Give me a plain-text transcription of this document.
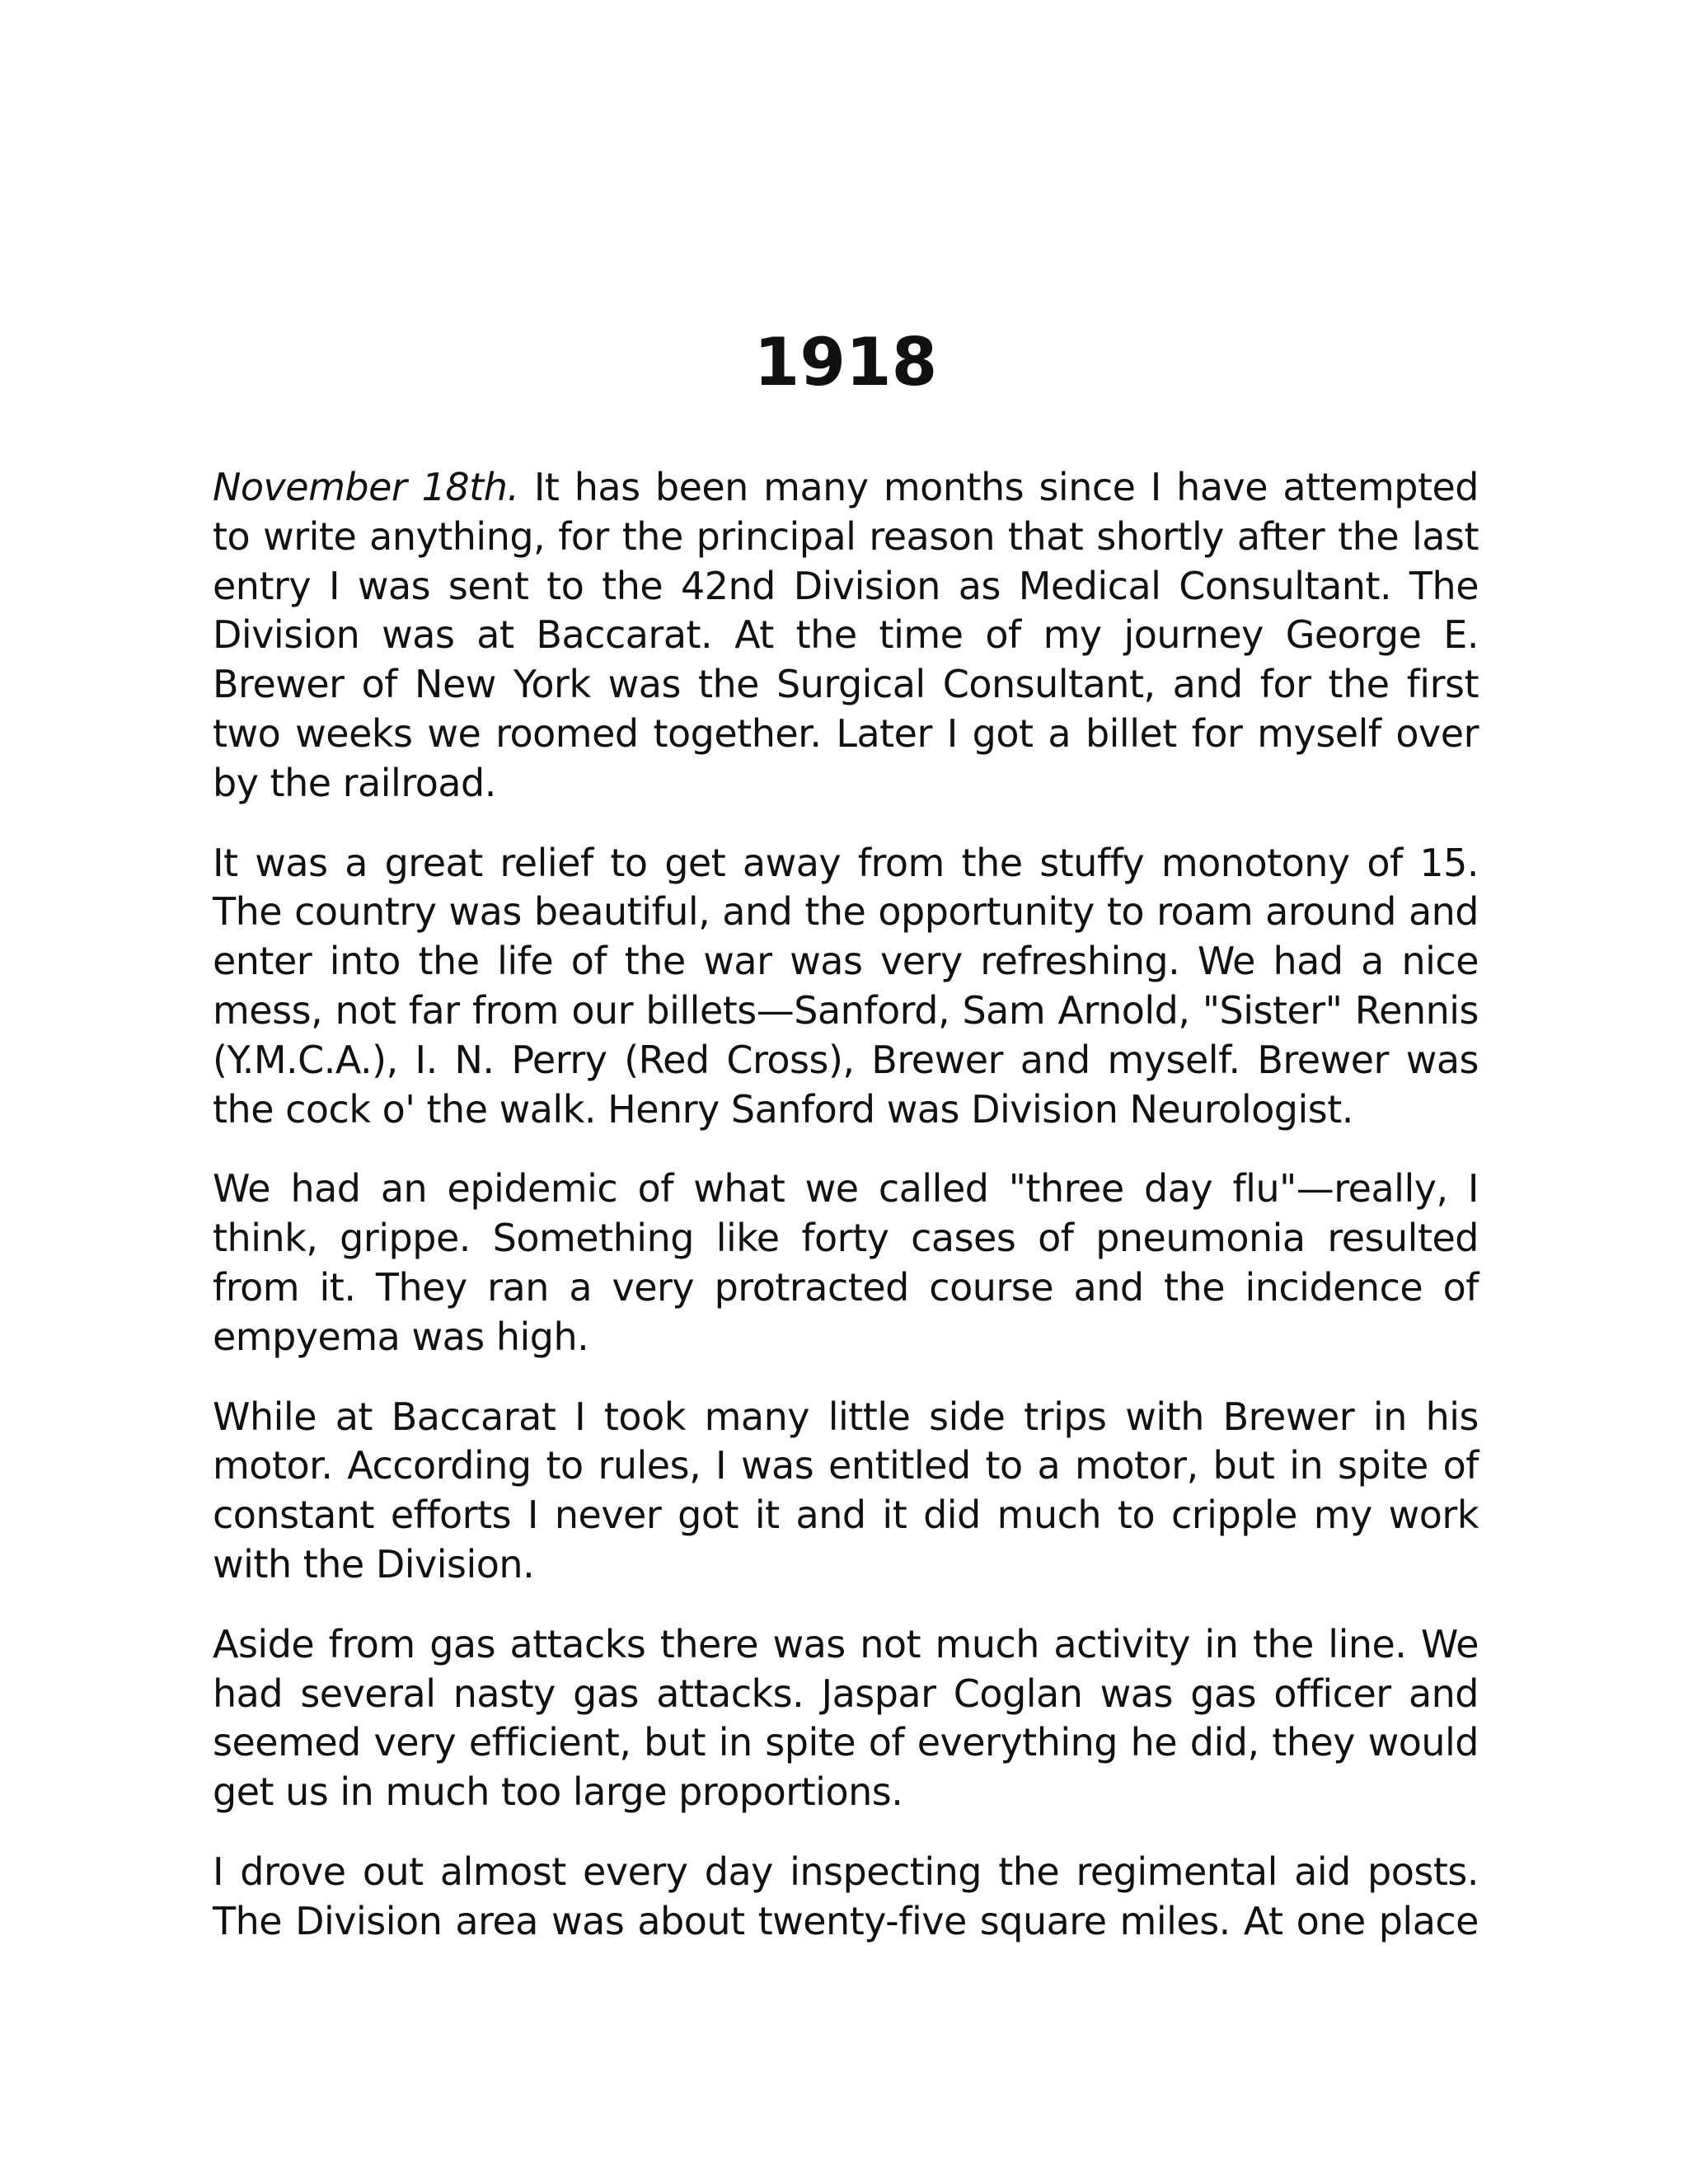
1918

November 18th. It has been many months since I have attempted to write anything, for the principal reason that shortly after the last entry I was sent to the 42nd Division as Medical Consultant. The Division was at Baccarat. At the time of my journey George E. Brewer of New York was the Surgical Consultant, and for the first two weeks we roomed together. Later I got a billet for myself over by the railroad.

It was a great relief to get away from the stuffy monotony of 15. The country was beautiful, and the opportunity to roam around and enter into the life of the war was very refreshing. We had a nice mess, not far from our billets—Sanford, Sam Arnold, "Sister" Rennis (Y.M.C.A.), I. N. Perry (Red Cross), Brewer and myself. Brewer was the cock o' the walk. Henry Sanford was Division Neurologist.

We had an epidemic of what we called "three day flu"—really, I think, grippe. Something like forty cases of pneumonia resulted from it. They ran a very protracted course and the incidence of empyema was high.

While at Baccarat I took many little side trips with Brewer in his motor. According to rules, I was entitled to a motor, but in spite of constant efforts I never got it and it did much to cripple my work with the Division.

Aside from gas attacks there was not much activity in the line. We had several nasty gas attacks. Jaspar Coglan was gas officer and seemed very efficient, but in spite of everything he did, they would get us in much too large proportions.

I drove out almost every day inspecting the regimental aid posts. The Division area was about twenty-five square miles. At one place
